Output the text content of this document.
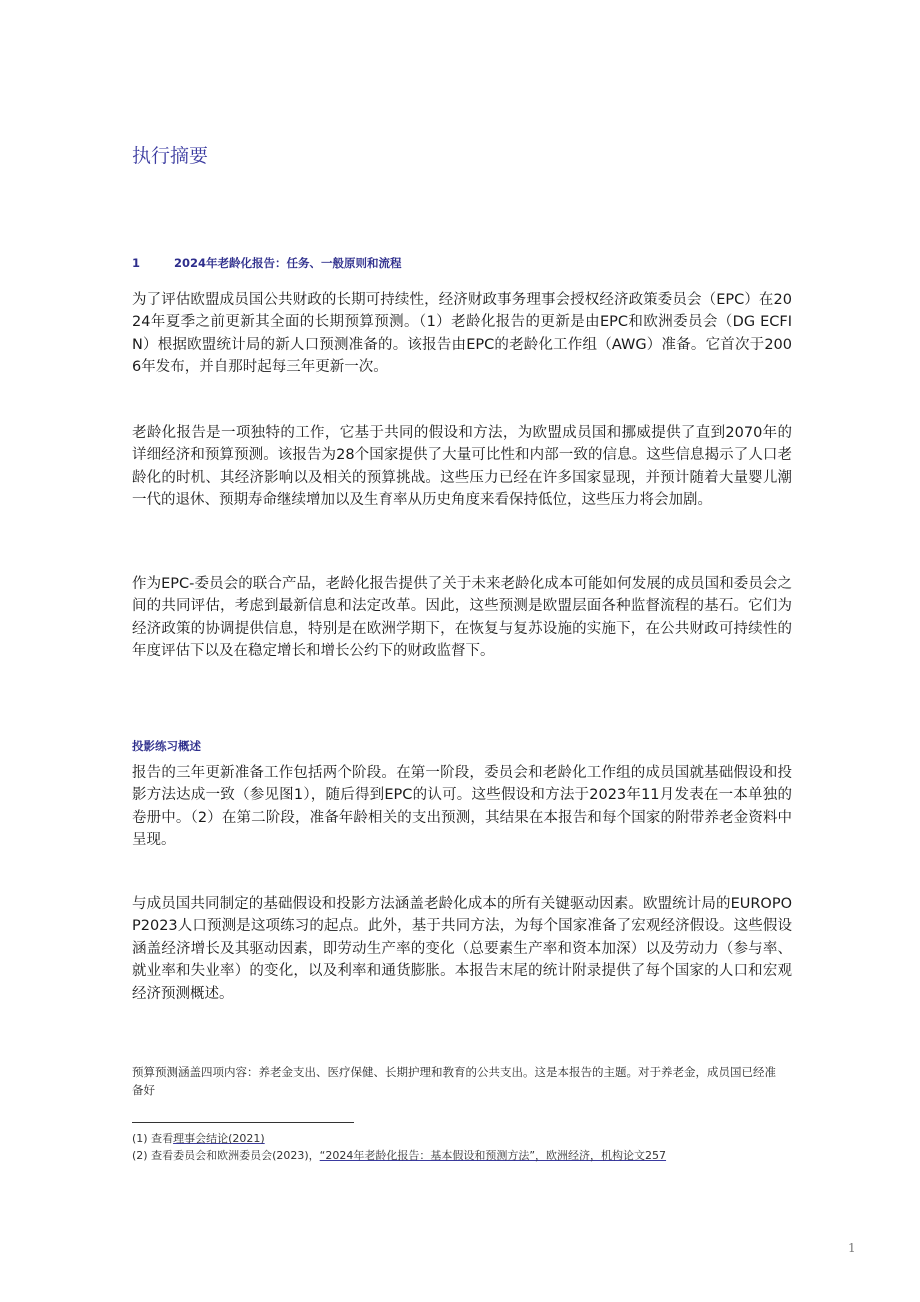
执行摘要
1	2024年老龄化报告：任务、一般原则和流程

为了评估欧盟成员国公共财政的长期可持续性，经济财政事务理事会授权经济政策委员会（EPC）在2024年夏季之前更新其全面的长期预算预测。（1）老龄化报告的更新是由EPC和欧洲委员会（DG ECFIN）根据欧盟统计局的新人口预测准备的。该报告由EPC的老龄化工作组（AWG）准备。它首次于2006年发布，并自那时起每三年更新一次。

老龄化报告是一项独特的工作，它基于共同的假设和方法，为欧盟成员国和挪威提供了直到2070年的详细经济和预算预测。该报告为28个国家提供了大量可比性和内部一致的信息。这些信息揭示了人口老龄化的时机、其经济影响以及相关的预算挑战。这些压力已经在许多国家显现，并预计随着大量婴儿潮一代的退休、预期寿命继续增加以及生育率从历史角度来看保持低位，这些压力将会加剧。

作为EPC-委员会的联合产品，老龄化报告提供了关于未来老龄化成本可能如何发展的成员国和委员会之间的共同评估，考虑到最新信息和法定改革。因此，这些预测是欧盟层面各种监督流程的基石。它们为经济政策的协调提供信息，特别是在欧洲学期下，在恢复与复苏设施的实施下，在公共财政可持续性的年度评估下以及在稳定增长和增长公约下的财政监督下。

投影练习概述

报告的三年更新准备工作包括两个阶段。在第一阶段，委员会和老龄化工作组的成员国就基础假设和投影方法达成一致（参见图1），随后得到EPC的认可。这些假设和方法于2023年11月发表在一本单独的卷册中。（2）在第二阶段，准备年龄相关的支出预测，其结果在本报告和每个国家的附带养老金资料中呈现。

与成员国共同制定的基础假设和投影方法涵盖老龄化成本的所有关键驱动因素。欧盟统计局的EUROPOP2023人口预测是这项练习的起点。此外，基于共同方法，为每个国家准备了宏观经济假设。这些假设涵盖经济增长及其驱动因素，即劳动生产率的变化（总要素生产率和资本加深）以及劳动力（参与率、就业率和失业率）的变化，以及利率和通货膨胀。本报告末尾的统计附录提供了每个国家的人口和宏观经济预测概述。

预算预测涵盖四项内容：养老金支出、医疗保健、长期护理和教育的公共支出。这是本报告的主题。对于养老金，成员国已经准备好

(1) 查看理事会结论(2021)
(2) 查看委员会和欧洲委员会(2023)，“2024年老龄化报告：基本假设和预测方法”，欧洲经济，机构论文257
1
